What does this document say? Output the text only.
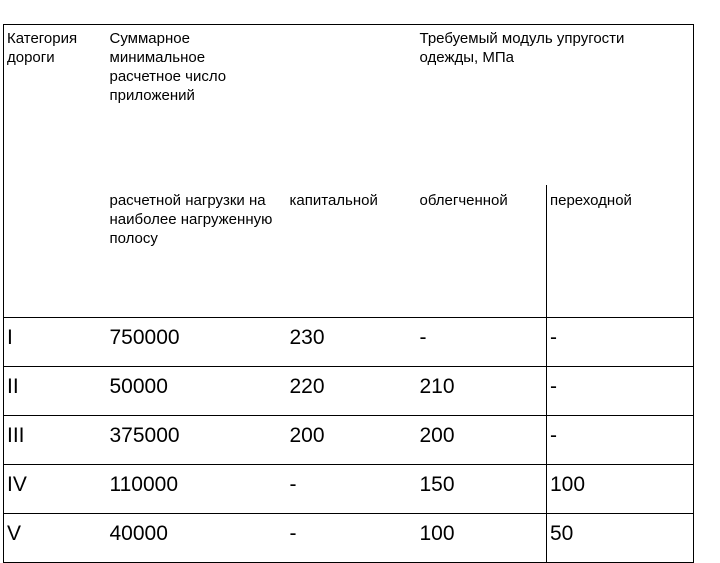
Категория дороги	Суммарное минимальное расчетное число приложений		Требуемый модуль упругости одежды, МПа	
	расчетной нагрузки на наиболее нагруженную полосу	капитальной	облегченной	переходной
I	750000	230	-	-
II	50000	220	210	-
III	375000	200	200	-
IV	110000	-	150	100
V	40000	-	100	50
